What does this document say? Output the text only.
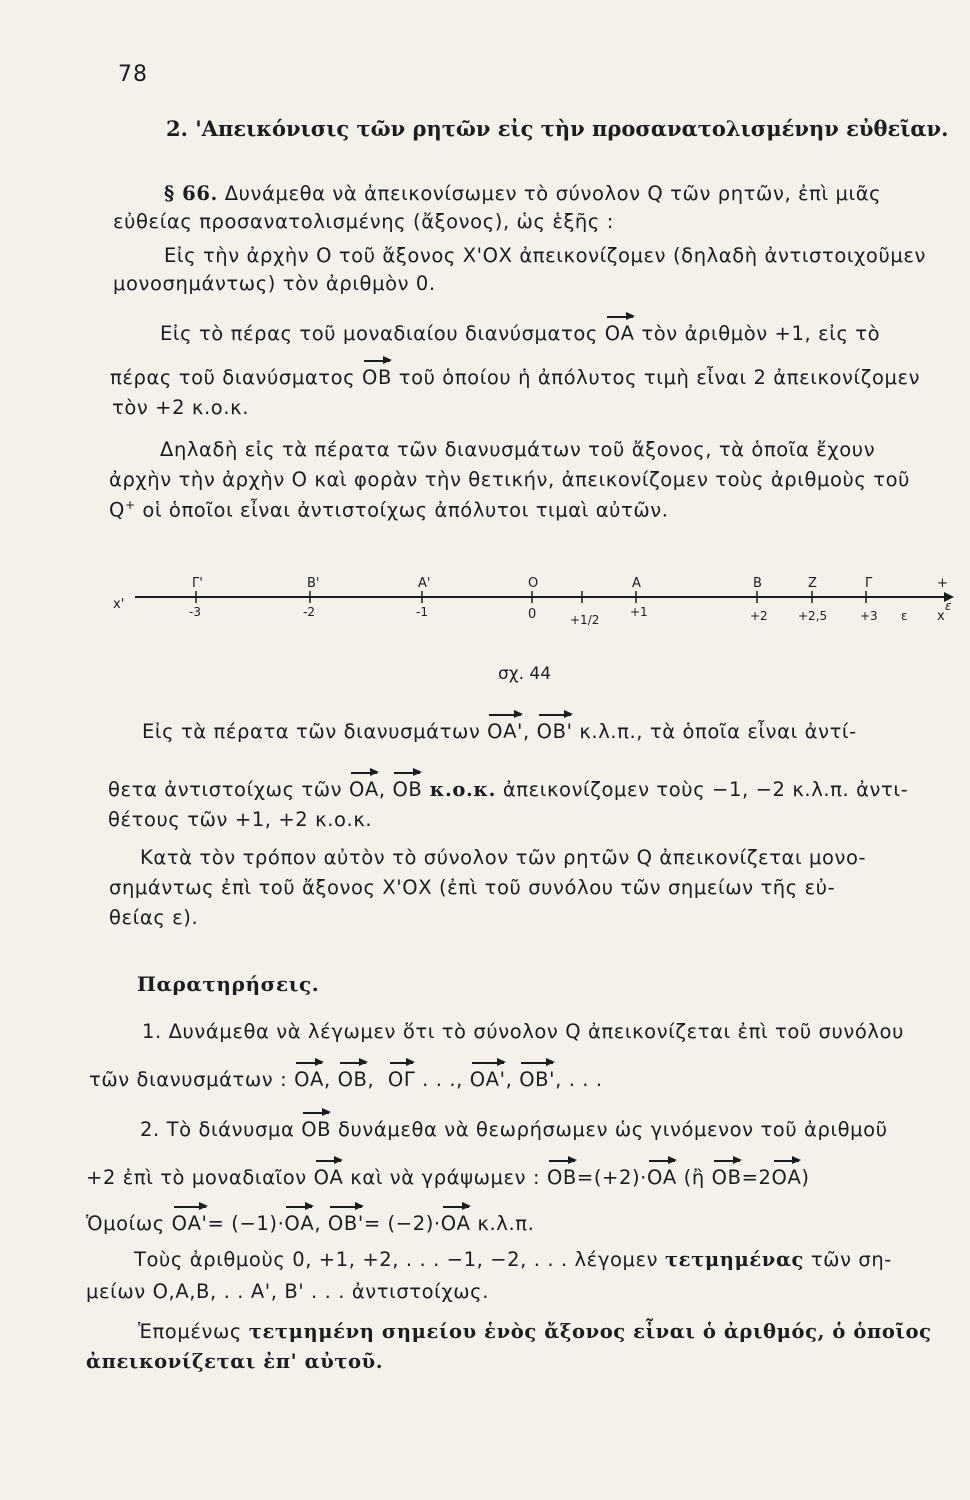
78
2. 'Απεικόνισις τῶν ρητῶν εἰς τὴν προσανατολισμένην εὐθεῖαν.
§ 66. Δυνάμεθα νὰ ἀπεικονίσωμεν τὸ σύνολον Q τῶν ρητῶν, ἐπὶ μιᾶς
εὐθείας προσανατολισμένης (ἄξονος), ὡς ἑξῆς :
Εἰς τὴν ἀρχὴν Ο τοῦ ἄξονος Χ'ΟΧ ἀπεικονίζομεν (δηλαδὴ ἀντιστοιχοῦμεν
μονοσημάντως) τὸν ἀριθμὸν 0.
Εἰς τὸ πέρας τοῦ μοναδιαίου διανύσματος ΟΑ τὸν ἀριθμὸν +1, εἰς τὸ
πέρας τοῦ διανύσματος ΟΒ τοῦ ὁποίου ἡ ἀπόλυτος τιμὴ εἶναι 2 ἀπεικονίζομεν
τὸν +2 κ.ο.κ.
Δηλαδὴ εἰς τὰ πέρατα τῶν διανυσμάτων τοῦ ἄξονος, τὰ ὁποῖα ἔχουν
ἀρχὴν τὴν ἀρχὴν Ο καὶ φορὰν τὴν θετικήν, ἀπεικονίζομεν τοὺς ἀριθμοὺς τοῦ
Q+ οἱ ὁποῖοι εἶναι ἀντιστοίχως ἀπόλυτοι τιμαὶ αὐτῶν.
x'
Γ'	Β'	Α'	Ο	Α	Β	Ζ	Γ	+
-3	-2	-1	0	+1/2
+1	+2	+2,5	+3 ε x
ε
σχ. 44
Εἰς τὰ πέρατα τῶν διανυσμάτων ΟΑ', ΟΒ' κ.λ.π., τὰ ὁποῖα εἶναι ἀντί-
θετα ἀντιστοίχως τῶν ΟΑ, ΟΒ κ.ο.κ. ἀπεικονίζομεν τοὺς −1, −2 κ.λ.π. ἀντι-
θέτους τῶν +1, +2 κ.ο.κ.
Κατὰ τὸν τρόπον αὐτὸν τὸ σύνολον τῶν ρητῶν Q ἀπεικονίζεται μονο-
σημάντως ἐπὶ τοῦ ἄξονος Χ'ΟΧ (ἐπὶ τοῦ συνόλου τῶν σημείων τῆς εὐ-
θείας ε).
Παρατηρήσεις.
1. Δυνάμεθα νὰ λέγωμεν ὅτι τὸ σύνολον Q ἀπεικονίζεται ἐπὶ τοῦ συνόλου
τῶν διανυσμάτων : ΟΑ, ΟΒ,  ΟΓ . . ., ΟΑ', ΟΒ', . . .
2. Τὸ διάνυσμα ΟΒ δυνάμεθα νὰ θεωρήσωμεν ὡς γινόμενον τοῦ ἀριθμοῦ
+2 ἐπὶ τὸ μοναδιαῖον ΟΑ καὶ νὰ γράψωμεν : ΟΒ=(+2)·ΟΑ (ἢ ΟΒ=2ΟΑ)
Ὁμοίως ΟΑ'= (−1)·ΟΑ, ΟΒ'= (−2)·ΟΑ κ.λ.π.
Τοὺς ἀριθμοὺς 0, +1, +2, . . . −1, −2, . . . λέγομεν τετμημένας τῶν ση-
μείων Ο,Α,Β, . . Α', Β' . . . ἀντιστοίχως.
Ἑπομένως τετμημένη σημείου ἑνὸς ἄξονος εἶναι ὁ ἀριθμός, ὁ ὁποῖος
ἀπεικονίζεται ἐπ' αὐτοῦ.
